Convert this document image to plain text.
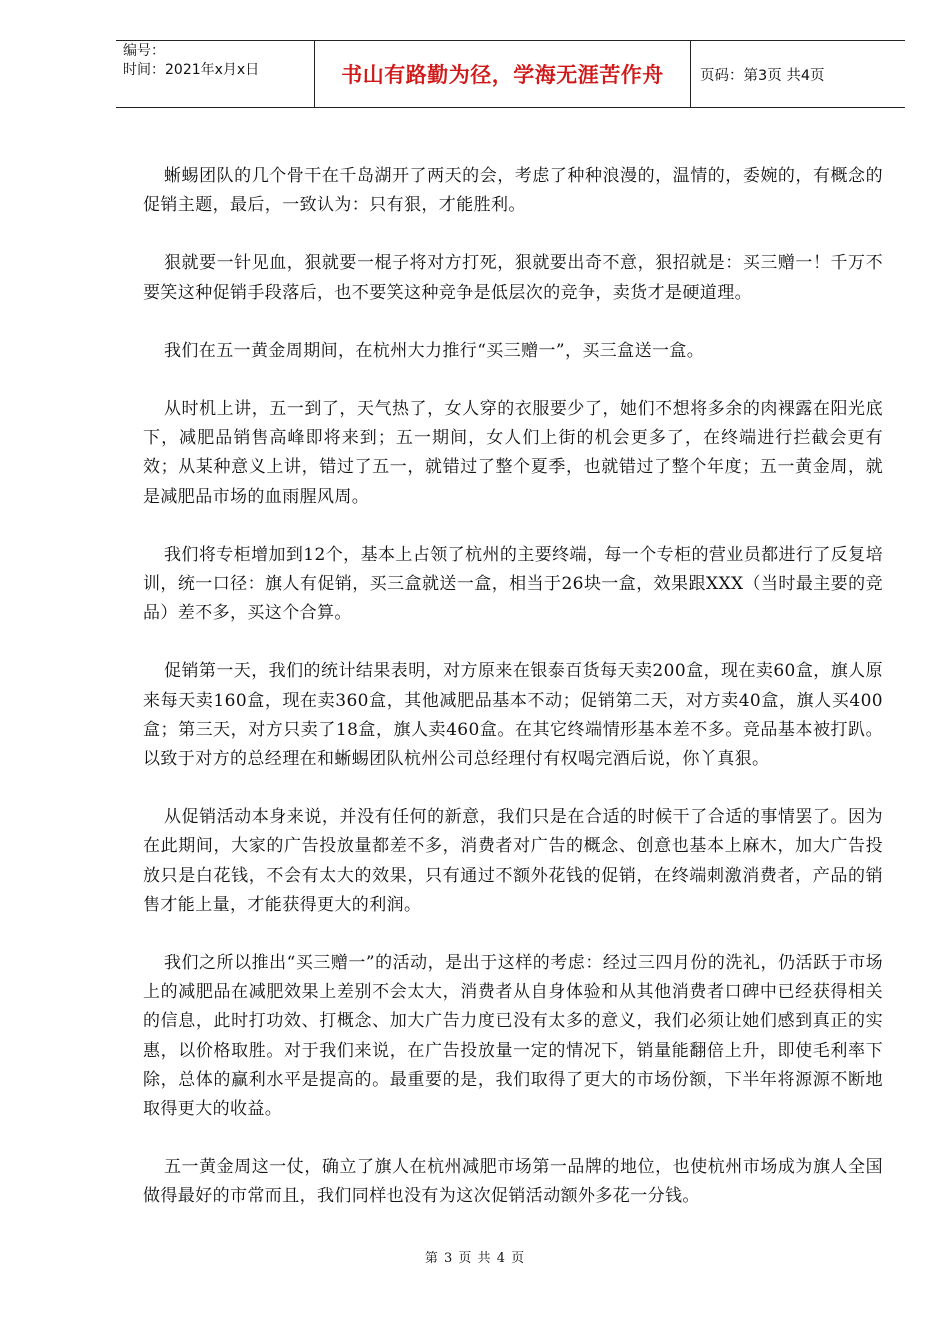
编号：
时间：2021年x月x日	书山有路勤为径，学海无涯苦作舟	页码：第3页 共4页

蜥蜴团队的几个骨干在千岛湖开了两天的会，考虑了种种浪漫的，温情的，委婉的，有概念的促销主题，最后，一致认为：只有狠，才能胜利。

狠就要一针见血，狠就要一棍子将对方打死，狠就要出奇不意，狠招就是：买三赠一！千万不要笑这种促销手段落后，也不要笑这种竞争是低层次的竞争，卖货才是硬道理。

我们在五一黄金周期间，在杭州大力推行“买三赠一”，买三盒送一盒。

从时机上讲，五一到了，天气热了，女人穿的衣服要少了，她们不想将多余的肉裸露在阳光底下，减肥品销售高峰即将来到；五一期间，女人们上街的机会更多了，在终端进行拦截会更有效；从某种意义上讲，错过了五一，就错过了整个夏季，也就错过了整个年度；五一黄金周，就是减肥品市场的血雨腥风周。

我们将专柜增加到12个，基本上占领了杭州的主要终端，每一个专柜的营业员都进行了反复培训，统一口径：旗人有促销，买三盒就送一盒，相当于26块一盒，效果跟XXX（当时最主要的竞品）差不多，买这个合算。

促销第一天，我们的统计结果表明，对方原来在银泰百货每天卖200盒，现在卖60盒，旗人原来每天卖160盒，现在卖360盒，其他减肥品基本不动；促销第二天，对方卖40盒，旗人买400盒；第三天，对方只卖了18盒，旗人卖460盒。在其它终端情形基本差不多。竞品基本被打趴。以致于对方的总经理在和蜥蜴团队杭州公司总经理付有权喝完酒后说，你丫真狠。

从促销活动本身来说，并没有任何的新意，我们只是在合适的时候干了合适的事情罢了。因为在此期间，大家的广告投放量都差不多，消费者对广告的概念、创意也基本上麻木，加大广告投放只是白花钱，不会有太大的效果，只有通过不额外花钱的促销，在终端刺激消费者，产品的销售才能上量，才能获得更大的利润。

我们之所以推出“买三赠一”的活动，是出于这样的考虑：经过三四月份的洗礼，仍活跃于市场上的减肥品在减肥效果上差别不会太大，消费者从自身体验和从其他消费者口碑中已经获得相关的信息，此时打功效、打概念、加大广告力度已没有太多的意义，我们必须让她们感到真正的实惠，以价格取胜。对于我们来说，在广告投放量一定的情况下，销量能翻倍上升，即使毛利率下除，总体的赢利水平是提高的。最重要的是，我们取得了更大的市场份额，下半年将源源不断地取得更大的收益。

五一黄金周这一仗，确立了旗人在杭州减肥市场第一品牌的地位，也使杭州市场成为旗人全国做得最好的市常而且，我们同样也没有为这次促销活动额外多花一分钱。

第 3 页 共 4 页
